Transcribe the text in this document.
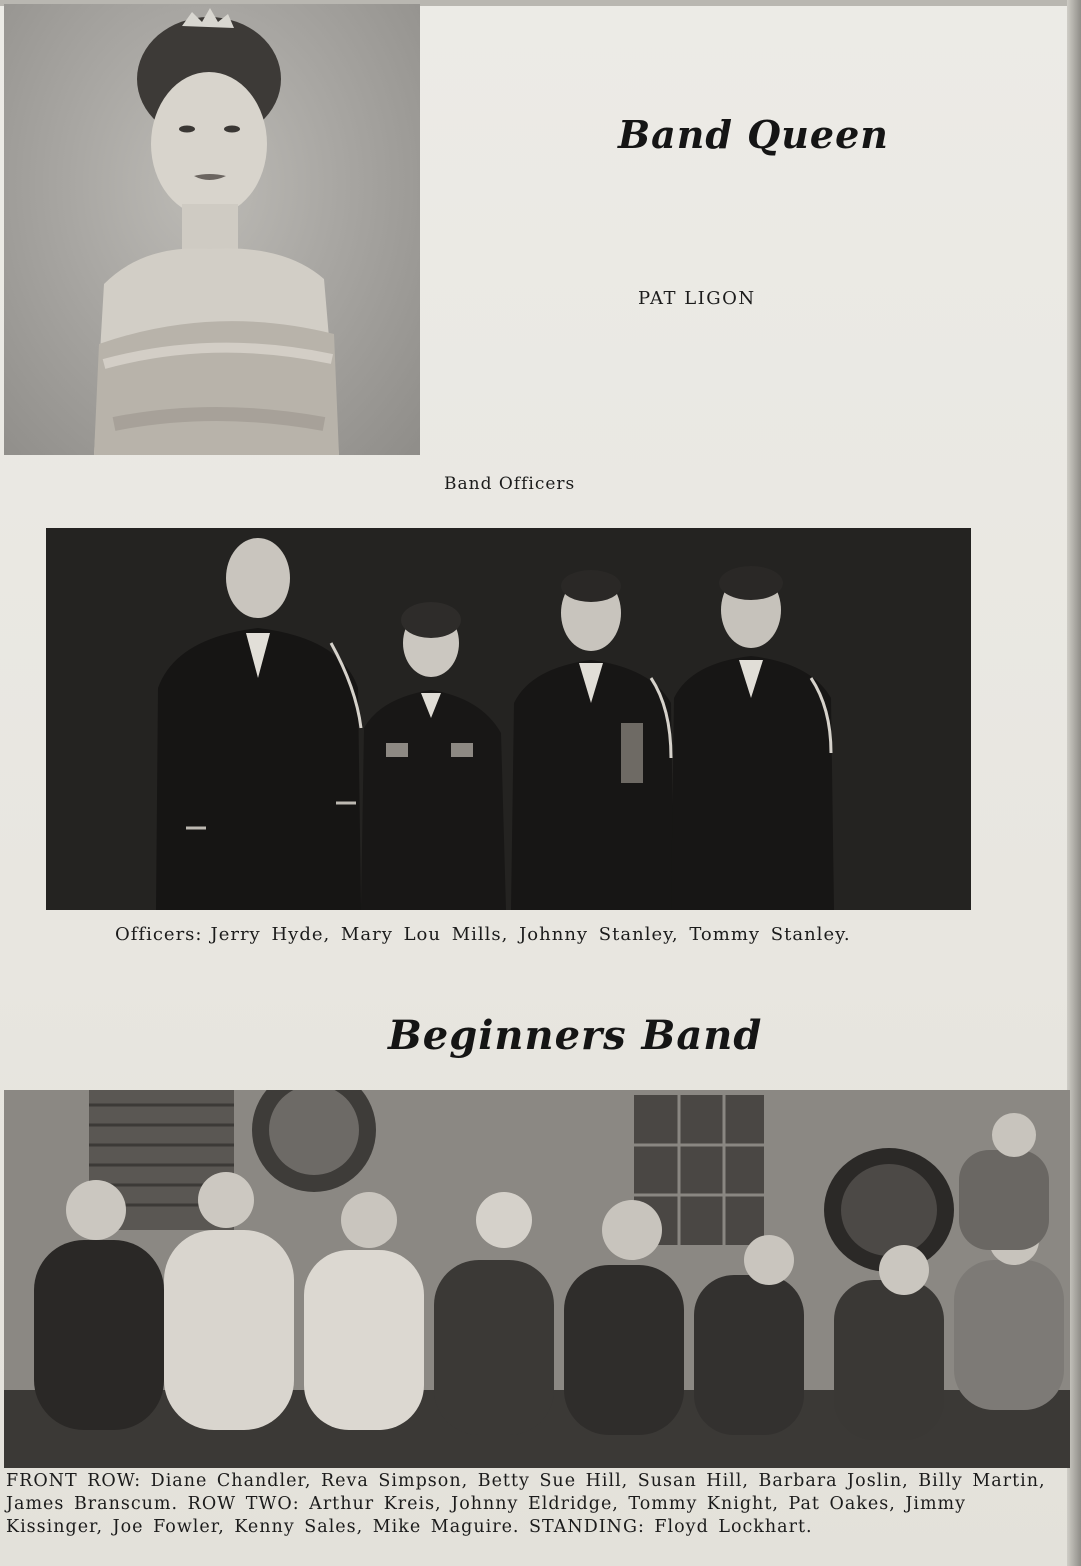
Band Queen
PAT LIGON
Band Officers
Officers: Jerry Hyde, Mary Lou Mills, Johnny Stanley, Tommy Stanley.
Beginners Band
FRONT ROW: Diane Chandler, Reva Simpson, Betty Sue Hill, Susan Hill, Barbara Joslin, Billy Martin, James Branscum. ROW TWO: Arthur Kreis, Johnny Eldridge, Tommy Knight, Pat Oakes, Jimmy Kissinger, Joe Fowler, Kenny Sales, Mike Maguire. STANDING: Floyd Lockhart.
